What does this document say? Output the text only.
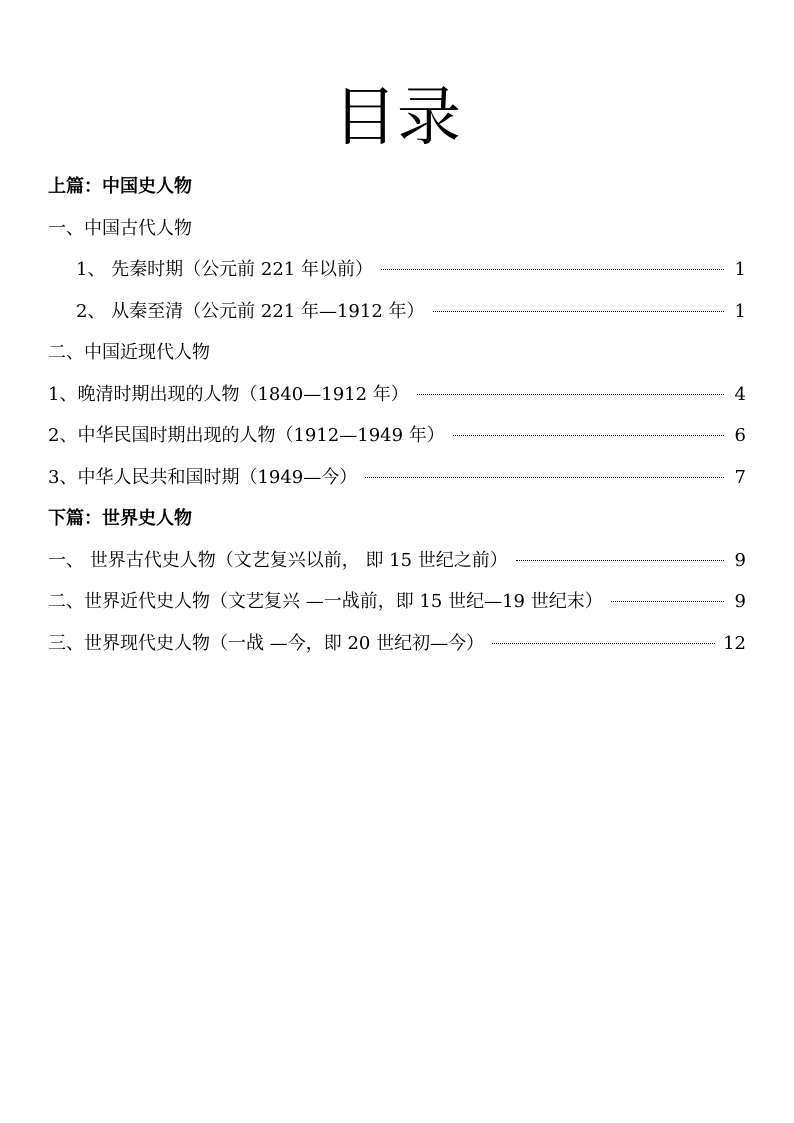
目录
上篇：中国史人物
一、中国古代人物
1、 先秦时期（公元前 221 年以前）	1
2、 从秦至清（公元前 221 年—1912 年）	1
二、中国近现代人物
1、晚清时期出现的人物（1840—1912 年）	4
2、中华民国时期出现的人物（1912—1949 年）	6
3、中华人民共和国时期（1949—今）	7
下篇：世界史人物
一、 世界古代史人物（文艺复兴以前， 即 15 世纪之前）	9
二、世界近代史人物（文艺复兴 —一战前，即 15 世纪—19 世纪末）	9
三、世界现代史人物（一战 —今，即 20 世纪初—今）	12
